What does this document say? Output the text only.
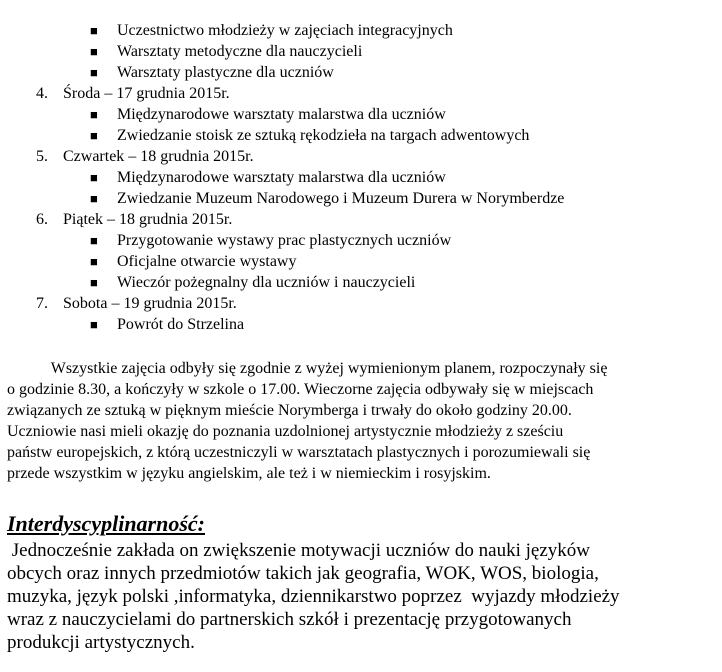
■ Uczestnictwo młodzieży w zajęciach integracyjnych
■ Warsztaty metodyczne dla nauczycieli
■ Warsztaty plastyczne dla uczniów
4. Środa – 17 grudnia 2015r.
■ Międzynarodowe warsztaty malarstwa dla uczniów
■ Zwiedzanie stoisk ze sztuką rękodzieła na targach adwentowych
5. Czwartek – 18 grudnia 2015r.
■ Międzynarodowe warsztaty malarstwa dla uczniów
■ Zwiedzanie Muzeum Narodowego i Muzeum Durera w Norymberdze
6. Piątek – 18 grudnia 2015r.
■ Przygotowanie wystawy prac plastycznych uczniów
■ Oficjalne otwarcie wystawy
■ Wieczór pożegnalny dla uczniów i nauczycieli
7. Sobota – 19 grudnia 2015r.
■ Powrót do Strzelina
Wszystkie zajęcia odbyły się zgodnie z wyżej wymienionym planem, rozpoczynały się
o godzinie 8.30, a kończyły w szkole o 17.00. Wieczorne zajęcia odbywały się w miejscach
związanych ze sztuką w pięknym mieście Norymberga i trwały do około godziny 20.00.
Uczniowie nasi mieli okazję do poznania uzdolnionej artystycznie młodzieży z sześciu
państw europejskich, z którą uczestniczyli w warsztatach plastycznych i porozumiewali się
przede wszystkim w języku angielskim, ale też i w niemieckim i rosyjskim.
Interdyscyplinarność:
Jednocześnie zakłada on zwiększenie motywacji uczniów do nauki języków
obcych oraz innych przedmiotów takich jak geografia, WOK, WOS, biologia,
muzyka, język polski ,informatyka, dziennikarstwo poprzez  wyjazdy młodzieży
wraz z nauczycielami do partnerskich szkół i prezentację przygotowanych
produkcji artystycznych.
